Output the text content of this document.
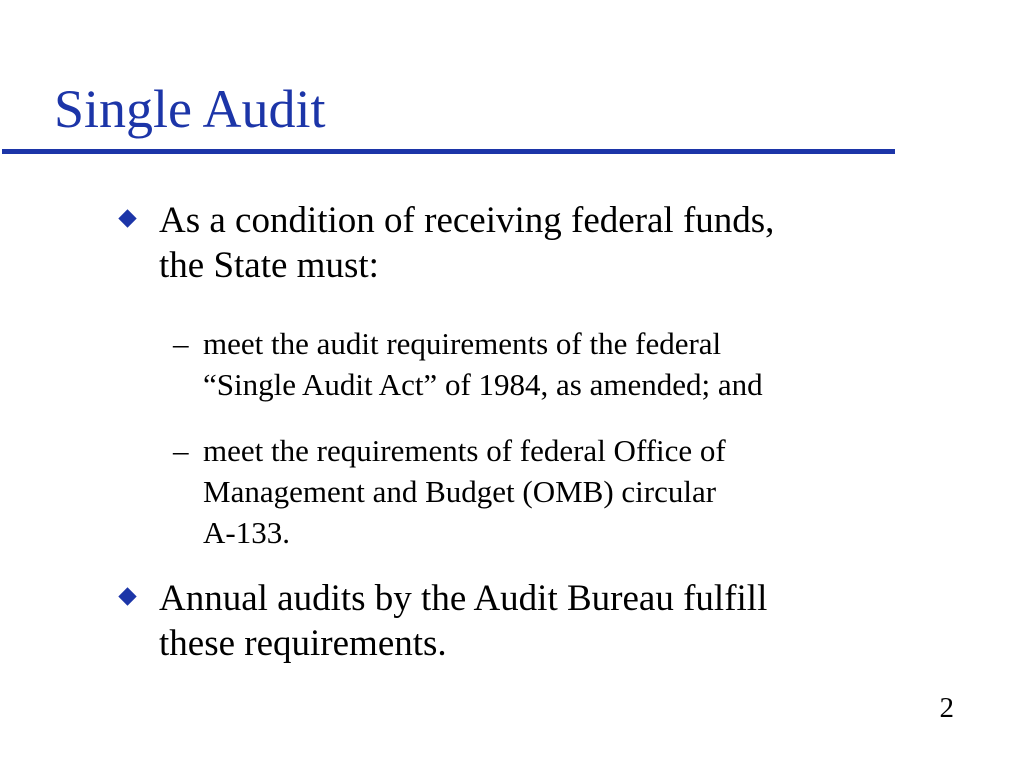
Single Audit
As a condition of receiving federal funds,
the State must:
– meet the audit requirements of the federal
“Single Audit Act” of 1984, as amended; and
– meet the requirements of federal Office of
Management and Budget (OMB) circular
A-133.
Annual audits by the Audit Bureau fulfill
these requirements.
2
